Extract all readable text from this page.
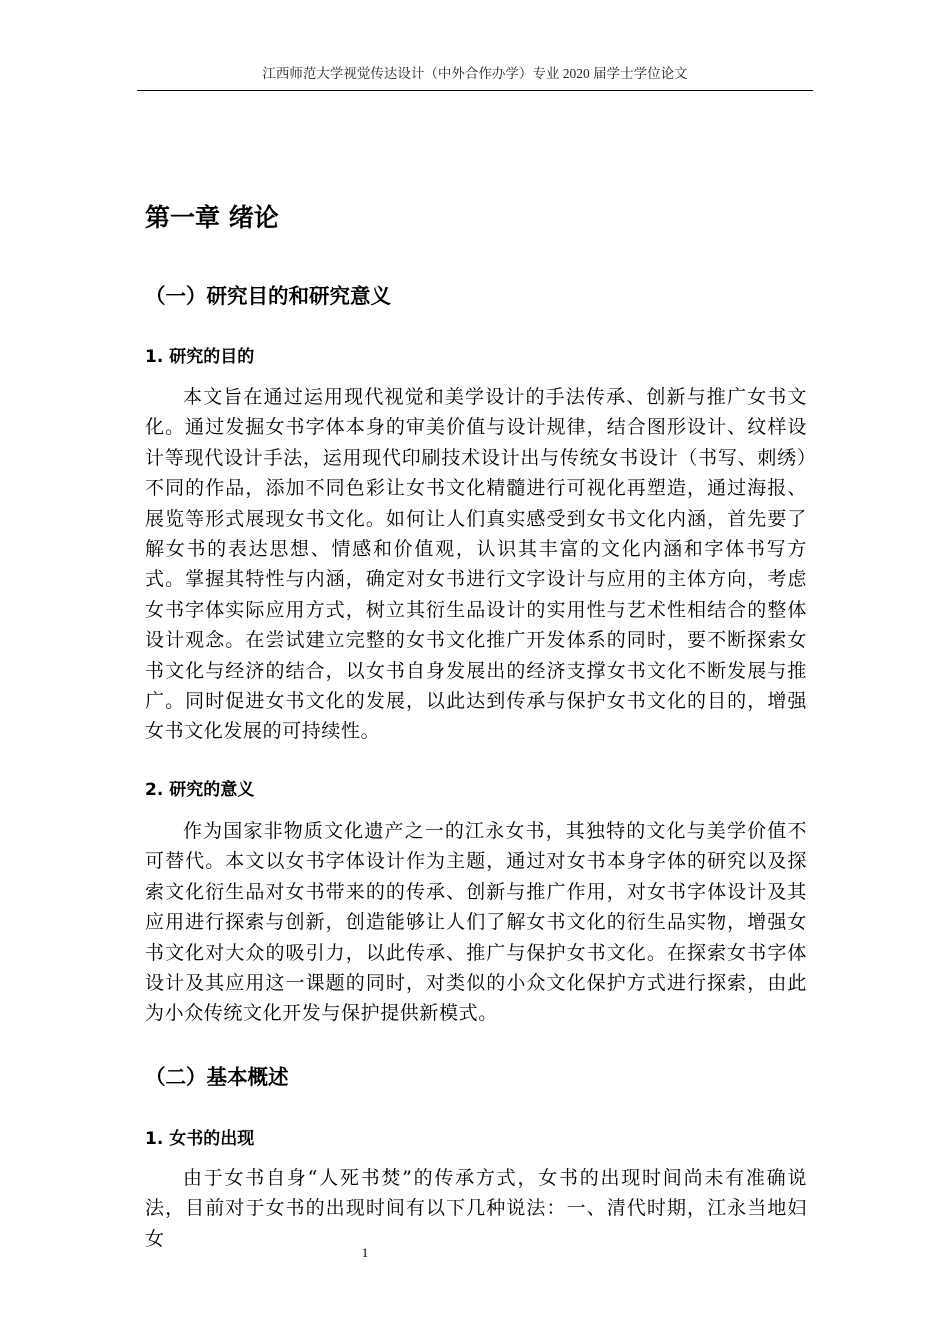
江西师范大学视觉传达设计（中外合作办学）专业 2020 届学士学位论文
第一章 绪论
（一）研究目的和研究意义
1. 研究的目的

本文旨在通过运用现代视觉和美学设计的手法传承、创新与推广女书文化。通过发掘女书字体本身的审美价值与设计规律，结合图形设计、纹样设计等现代设计手法，运用现代印刷技术设计出与传统女书设计（书写、刺绣）不同的作品，添加不同色彩让女书文化精髓进行可视化再塑造，通过海报、展览等形式展现女书文化。如何让人们真实感受到女书文化内涵，首先要了解女书的表达思想、情感和价值观，认识其丰富的文化内涵和字体书写方式。掌握其特性与内涵，确定对女书进行文字设计与应用的主体方向，考虑女书字体实际应用方式，树立其衍生品设计的实用性与艺术性相结合的整体设计观念。在尝试建立完整的女书文化推广开发体系的同时，要不断探索女书文化与经济的结合，以女书自身发展出的经济支撑女书文化不断发展与推广。同时促进女书文化的发展，以此达到传承与保护女书文化的目的，增强女书文化发展的可持续性。

2. 研究的意义

作为国家非物质文化遗产之一的江永女书，其独特的文化与美学价值不可替代。本文以女书字体设计作为主题，通过对女书本身字体的研究以及探索文化衍生品对女书带来的的传承、创新与推广作用，对女书字体设计及其应用进行探索与创新，创造能够让人们了解女书文化的衍生品实物，增强女书文化对大众的吸引力，以此传承、推广与保护女书文化。在探索女书字体设计及其应用这一课题的同时，对类似的小众文化保护方式进行探索，由此为小众传统文化开发与保护提供新模式。

（二）基本概述
1. 女书的出现

由于女书自身“人死书焚”的传承方式，女书的出现时间尚未有准确说法，目前对于女书的出现时间有以下几种说法：一、清代时期，江永当地妇女

1
